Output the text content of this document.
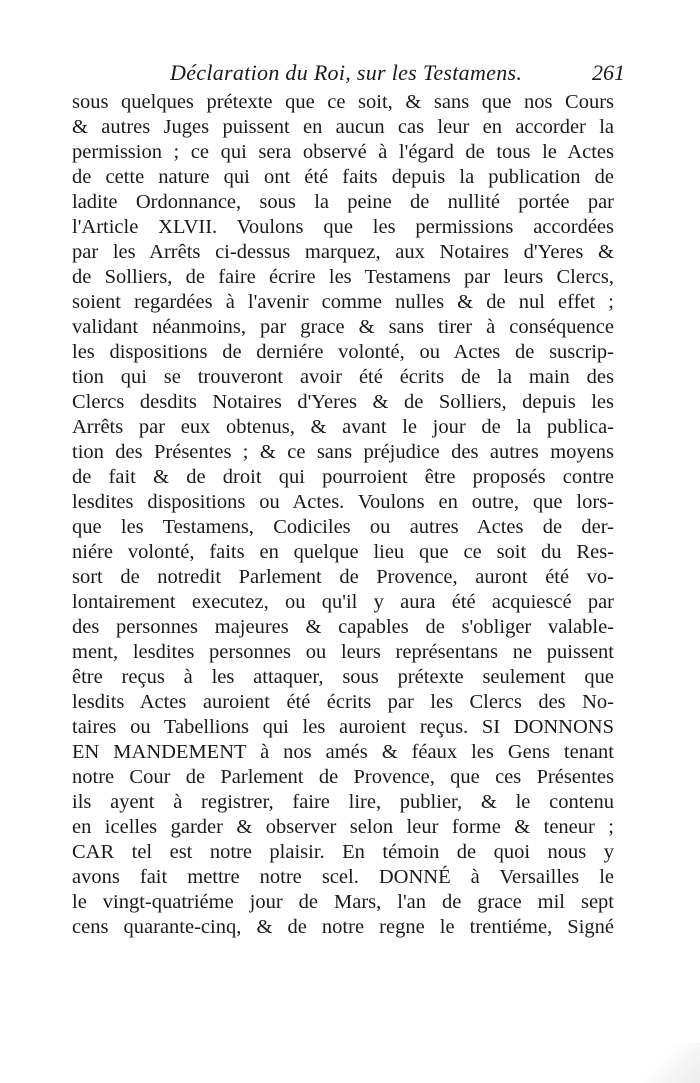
Déclaration du Roi, sur les Testamens.	261
sous quelques prétexte que ce soit, & sans que nos Cours
& autres Juges puissent en aucun cas leur en accorder la
permission ; ce qui sera observé à l'égard de tous le Actes
de cette nature qui ont été faits depuis la publication de
ladite Ordonnance, sous la peine de nullité portée par
l'Article XLVII. Voulons que les permissions accordées
par les Arrêts ci-dessus marquez, aux Notaires d'Yeres &
de Solliers, de faire écrire les Testamens par leurs Clercs,
soient regardées à l'avenir comme nulles & de nul effet ;
validant néanmoins, par grace & sans tirer à conséquence
les dispositions de derniére volonté, ou Actes de suscrip-
tion qui se trouveront avoir été écrits de la main des
Clercs desdits Notaires d'Yeres & de Solliers, depuis les
Arrêts par eux obtenus, & avant le jour de la publica-
tion des Présentes ; & ce sans préjudice des autres moyens
de fait & de droit qui pourroient être proposés contre
lesdites dispositions ou Actes. Voulons en outre, que lors-
que les Testamens, Codiciles ou autres Actes de der-
niére volonté, faits en quelque lieu que ce soit du Res-
sort de notredit Parlement de Provence, auront été vo-
lontairement executez, ou qu'il y aura été acquiescé par
des personnes majeures & capables de s'obliger valable-
ment, lesdites personnes ou leurs représentans ne puissent
être reçus à les attaquer, sous prétexte seulement que
lesdits Actes auroient été écrits par les Clercs des No-
taires ou Tabellions qui les auroient reçus. SI DONNONS
EN MANDEMENT à nos amés & féaux les Gens tenant
notre Cour de Parlement de Provence, que ces Présentes
ils ayent à registrer, faire lire, publier, & le contenu
en icelles garder & observer selon leur forme & teneur ;
CAR tel est notre plaisir. En témoin de quoi nous y
avons fait mettre notre scel. DONNÉ à Versailles le
le vingt-quatriéme jour de Mars, l'an de grace mil sept
cens quarante-cinq, & de notre regne le trentiéme, Signé
